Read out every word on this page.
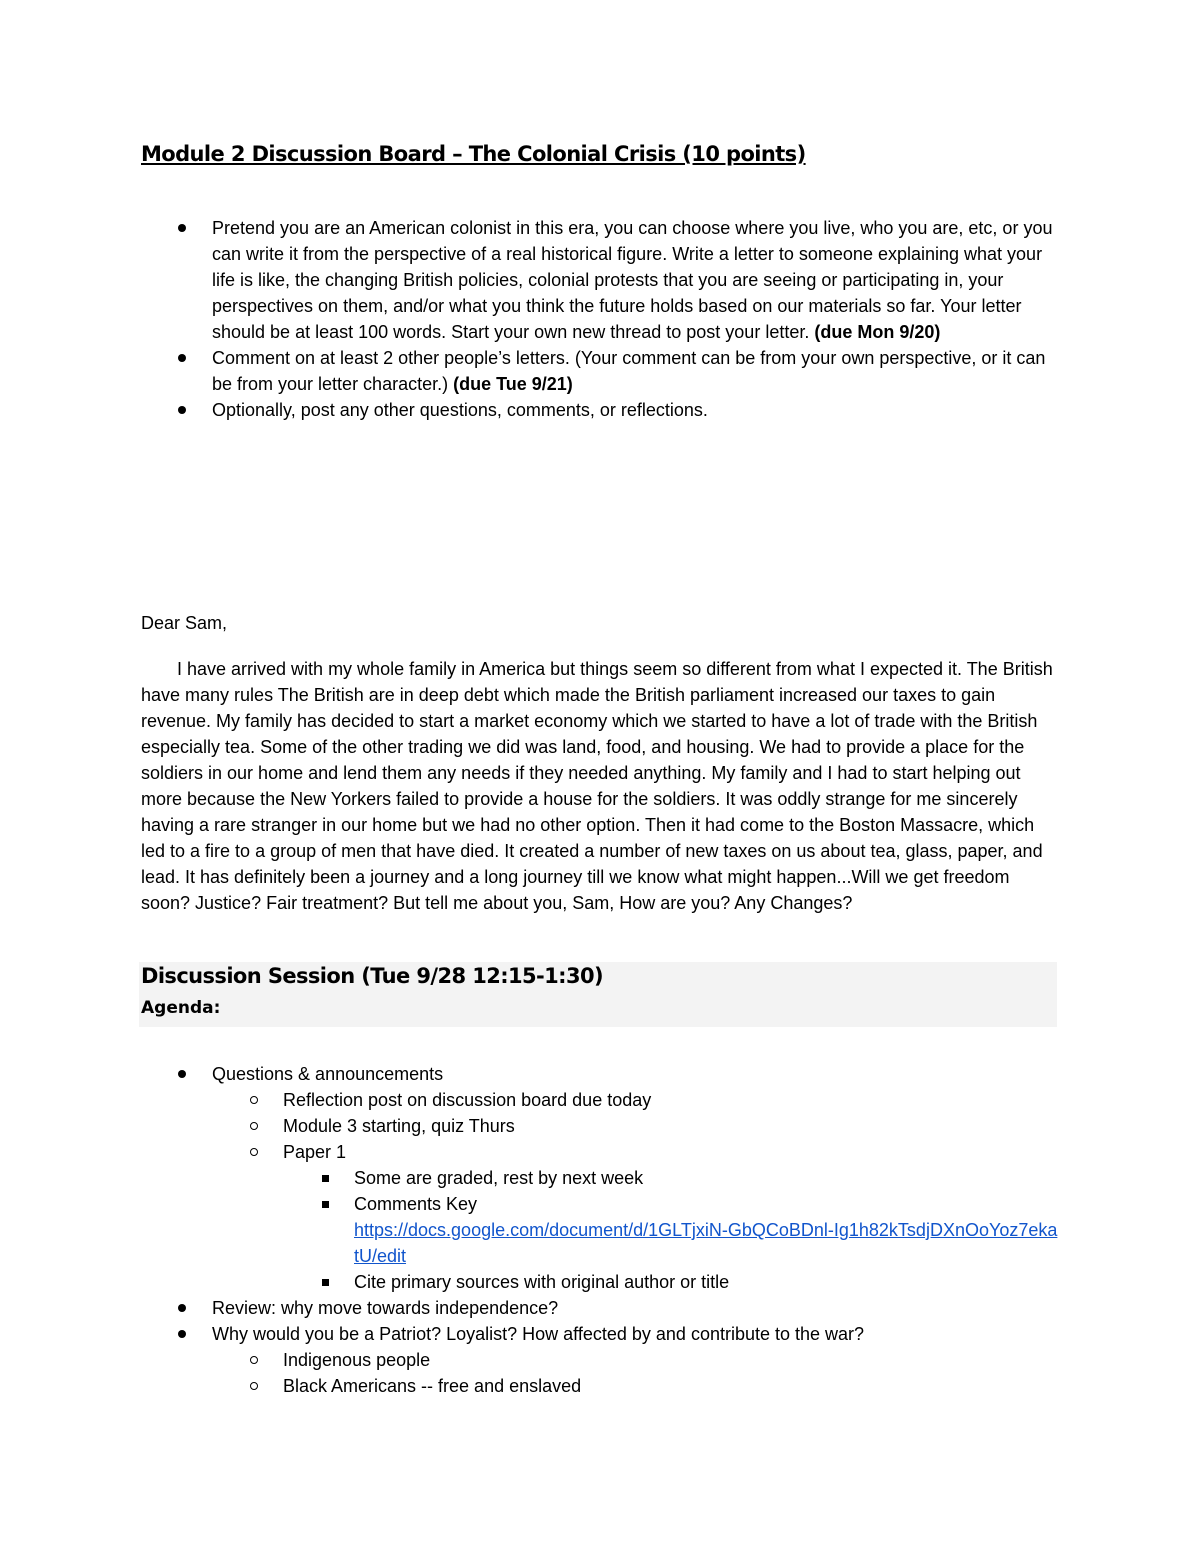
Module 2 Discussion Board – The Colonial Crisis (10 points)
Pretend you are an American colonist in this era, you can choose where you live, who you are, etc, or you can write it from the perspective of a real historical figure. Write a letter to someone explaining what your life is like, the changing British policies, colonial protests that you are seeing or participating in, your perspectives on them, and/or what you think the future holds based on our materials so far. Your letter should be at least 100 words. Start your own new thread to post your letter. (due Mon 9/20)
Comment on at least 2 other people’s letters. (Your comment can be from your own perspective, or it can be from your letter character.) (due Tue 9/21)
Optionally, post any other questions, comments, or reflections.

Dear Sam,

I have arrived with my whole family in America but things seem so different from what I expected it. The British have many rules The British are in deep debt which made the British parliament increased our taxes to gain revenue. My family has decided to start a market economy which we started to have a lot of trade with the British especially tea. Some of the other trading we did was land, food, and housing. We had to provide a place for the soldiers in our home and lend them any needs if they needed anything. My family and I had to start helping out more because the New Yorkers failed to provide a house for the soldiers. It was oddly strange for me sincerely having a rare stranger in our home but we had no other option. Then it had come to the Boston Massacre, which led to a fire to a group of men that have died. It created a number of new taxes on us about tea, glass, paper, and lead. It has definitely been a journey and a long journey till we know what might happen...Will we get freedom soon? Justice? Fair treatment? But tell me about you, Sam, How are you? Any Changes?

Discussion Session (Tue 9/28 12:15-1:30)

Agenda:

Questions & announcements
Reflection post on discussion board due today
Module 3 starting, quiz Thurs
Paper 1
Some are graded, rest by next week
Comments Key
https://docs.google.com/document/d/1GLTjxiN-GbQCoBDnl-Ig1h82kTsdjDXnOoYoz7ekatU/edit
Cite primary sources with original author or title
Review: why move towards independence?
Why would you be a Patriot? Loyalist? How affected by and contribute to the war?
Indigenous people
Black Americans -- free and enslaved
